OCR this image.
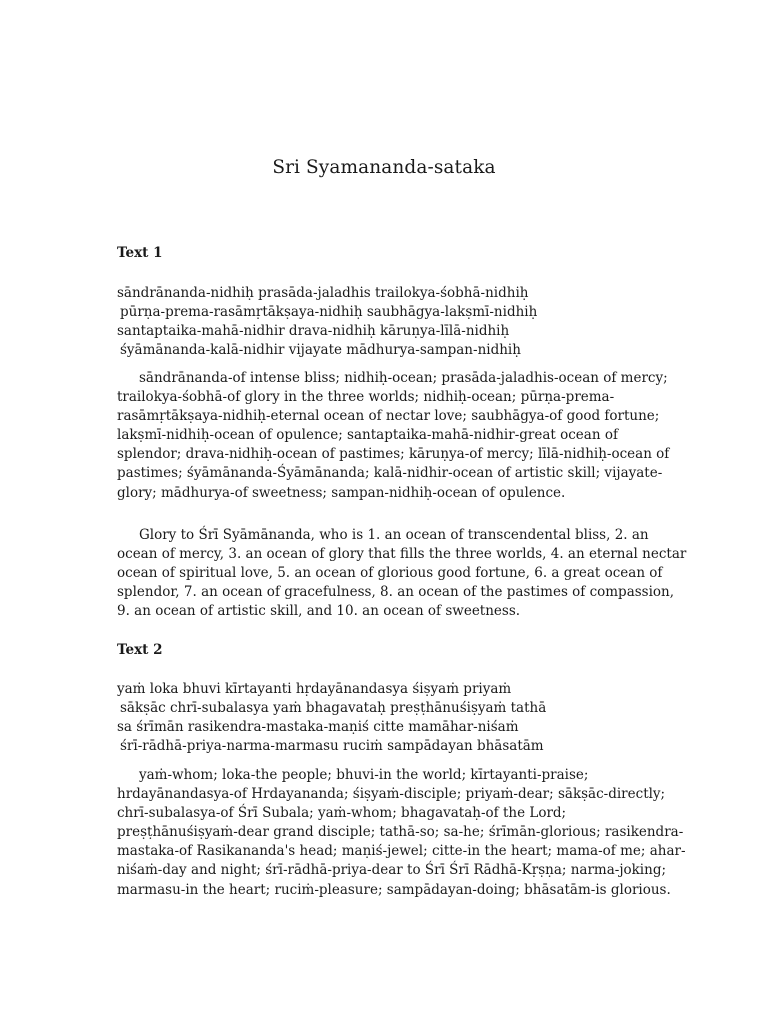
Sri Syamananda-sataka
Text 1
sāndrānanda-nidhiḥ prasāda-jaladhis trailokya-śobhā-nidhiḥ
pūrṇa-prema-rasāmṛtākṣaya-nidhiḥ saubhāgya-lakṣmī-nidhiḥ
santaptaika-mahā-nidhir drava-nidhiḥ kāruṇya-līlā-nidhiḥ
śyāmānanda-kalā-nidhir vijayate mādhurya-sampan-nidhiḥ
sāndrānanda-of intense bliss; nidhiḥ-ocean; prasāda-jaladhis-ocean of mercy;
trailokya-śobhā-of glory in the three worlds; nidhiḥ-ocean; pūrṇa-prema-
rasāmṛtākṣaya-nidhiḥ-eternal ocean of nectar love; saubhāgya-of good fortune;
lakṣmī-nidhiḥ-ocean of opulence; santaptaika-mahā-nidhir-great ocean of
splendor; drava-nidhiḥ-ocean of pastimes; kāruṇya-of mercy; līlā-nidhiḥ-ocean of
pastimes; śyāmānanda-Śyāmānanda; kalā-nidhir-ocean of artistic skill; vijayate-
glory; mādhurya-of sweetness; sampan-nidhiḥ-ocean of opulence.
Glory to Śrī Syāmānanda, who is 1. an ocean of transcendental bliss, 2. an
ocean of mercy, 3. an ocean of glory that fills the three worlds, 4. an eternal nectar
ocean of spiritual love, 5. an ocean of glorious good fortune, 6. a great ocean of
splendor, 7. an ocean of gracefulness, 8. an ocean of the pastimes of compassion,
9. an ocean of artistic skill, and 10. an ocean of sweetness.
Text 2
yaṁ loka bhuvi kīrtayanti hṛdayānandasya śiṣyaṁ priyaṁ
sākṣāc chrī-subalasya yaṁ bhagavataḥ preṣṭhānuśiṣyaṁ tathā
sa śrīmān rasikendra-mastaka-maṇiś citte mamāhar-niśaṁ
śrī-rādhā-priya-narma-marmasu ruciṁ sampādayan bhāsatām
yaṁ-whom; loka-the people; bhuvi-in the world; kīrtayanti-praise;
hrdayānandasya-of Hrdayananda; śiṣyaṁ-disciple; priyaṁ-dear; sākṣāc-directly;
chrī-subalasya-of Śrī Subala; yaṁ-whom; bhagavataḥ-of the Lord;
preṣṭhānuśiṣyaṁ-dear grand disciple; tathā-so; sa-he; śrīmān-glorious; rasikendra-
mastaka-of Rasikananda's head; maṇiś-jewel; citte-in the heart; mama-of me; ahar-
niśaṁ-day and night; śrī-rādhā-priya-dear to Śrī Śrī Rādhā-Kṛṣṇa; narma-joking;
marmasu-in the heart; ruciṁ-pleasure; sampādayan-doing; bhāsatām-is glorious.
